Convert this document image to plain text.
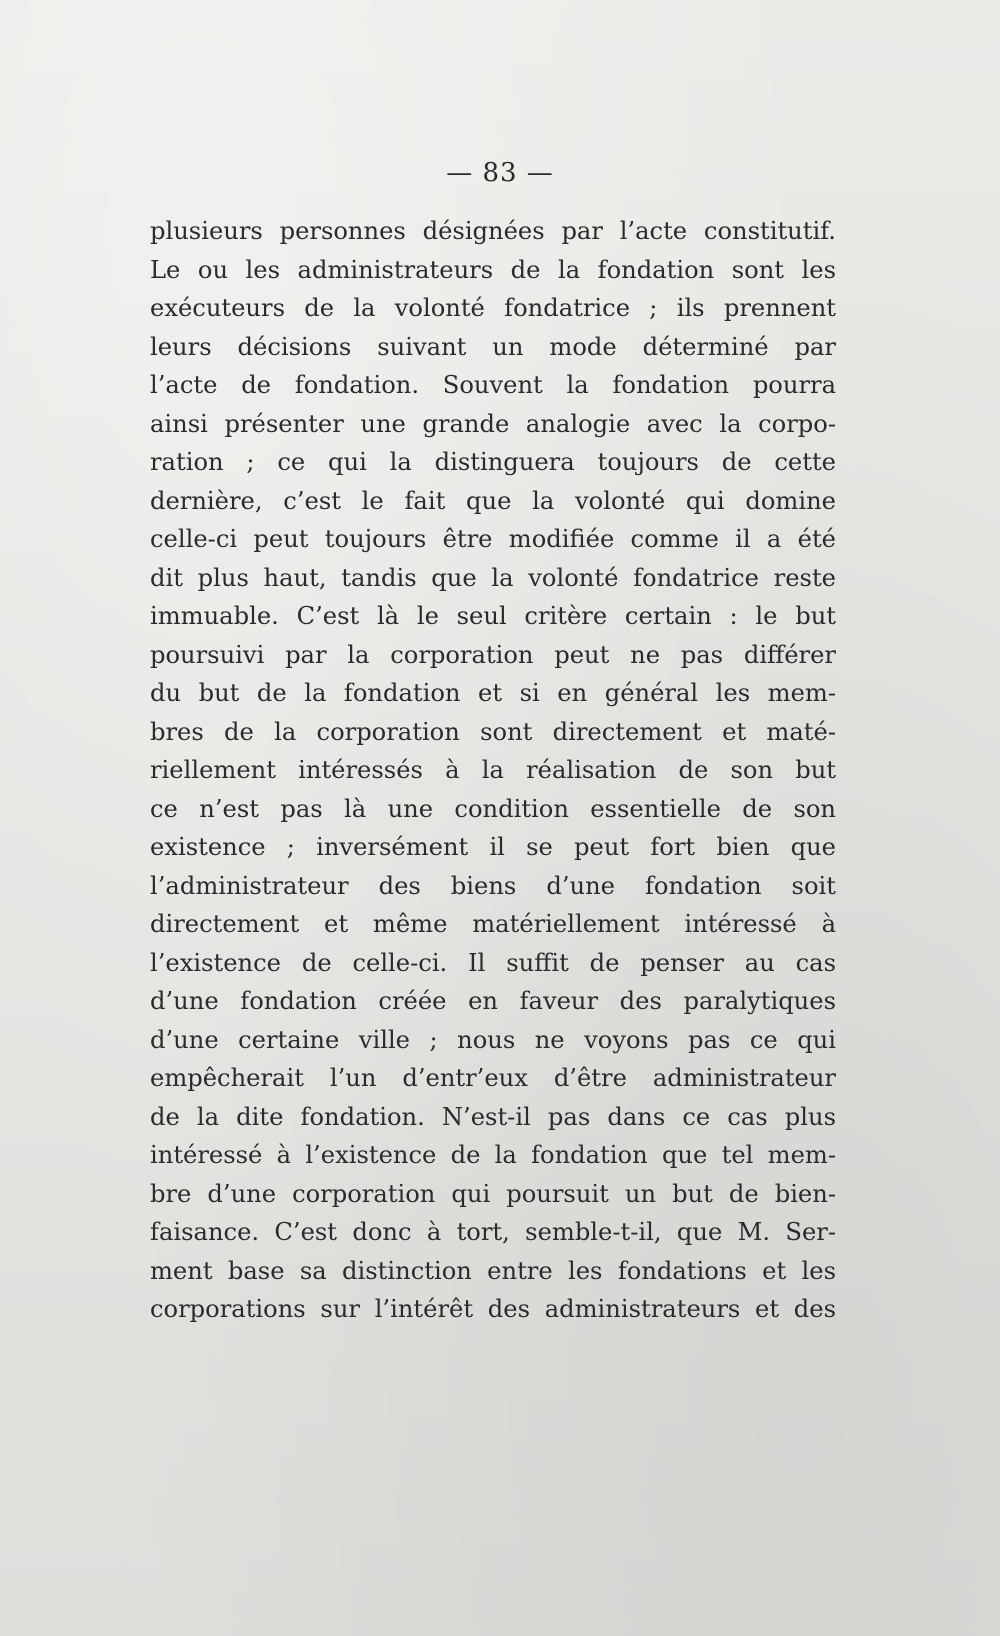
— 83 —
plusieurs personnes désignées par l’acte constitutif.
Le ou les administrateurs de la fondation sont les
exécuteurs de la volonté fondatrice ; ils prennent
leurs décisions suivant un mode déterminé par
l’acte de fondation. Souvent la fondation pourra
ainsi présenter une grande analogie avec la corpo-
ration ; ce qui la distinguera toujours de cette
dernière, c’est le fait que la volonté qui domine
celle-ci peut toujours être modifiée comme il a été
dit plus haut, tandis que la volonté fondatrice reste
immuable. C’est là le seul critère certain : le but
poursuivi par la corporation peut ne pas différer
du but de la fondation et si en général les mem-
bres de la corporation sont directement et maté-
riellement intéressés à la réalisation de son but
ce n’est pas là une condition essentielle de son
existence ; inversément il se peut fort bien que
l’administrateur des biens d’une fondation soit
directement et même matériellement intéressé à
l’existence de celle-ci. Il suffit de penser au cas
d’une fondation créée en faveur des paralytiques
d’une certaine ville ; nous ne voyons pas ce qui
empêcherait l’un d’entr’eux d’être administrateur
de la dite fondation. N’est-il pas dans ce cas plus
intéressé à l’existence de la fondation que tel mem-
bre d’une corporation qui poursuit un but de bien-
faisance. C’est donc à tort, semble-t-il, que M. Ser-
ment base sa distinction entre les fondations et les
corporations sur l’intérêt des administrateurs et des
